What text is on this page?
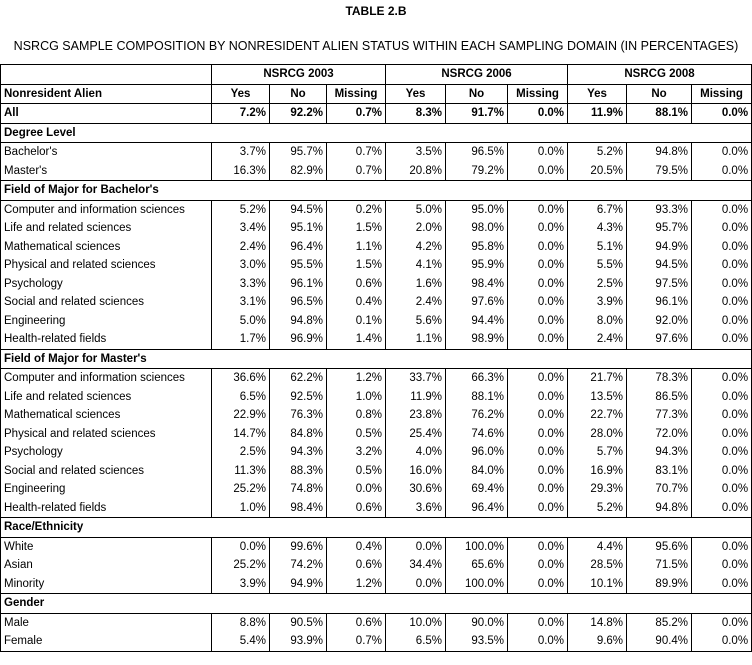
TABLE 2.B
NSRCG SAMPLE COMPOSITION BY NONRESIDENT ALIEN STATUS WITHIN EACH SAMPLING DOMAIN (IN PERCENTAGES)
	NSRCG 2003			NSRCG 2006			NSRCG 2008		
Nonresident Alien	Yes	No	Missing	Yes	No	Missing	Yes	No	Missing
All	7.2%	92.2%	0.7%	8.3%	91.7%	0.0%	11.9%	88.1%	0.0%
Degree Level									
Bachelor's	3.7%	95.7%	0.7%	3.5%	96.5%	0.0%	5.2%	94.8%	0.0%
Master's	16.3%	82.9%	0.7%	20.8%	79.2%	0.0%	20.5%	79.5%	0.0%
Field of Major for Bachelor's									
Computer and information sciences	5.2%	94.5%	0.2%	5.0%	95.0%	0.0%	6.7%	93.3%	0.0%
Life and related sciences	3.4%	95.1%	1.5%	2.0%	98.0%	0.0%	4.3%	95.7%	0.0%
Mathematical sciences	2.4%	96.4%	1.1%	4.2%	95.8%	0.0%	5.1%	94.9%	0.0%
Physical and related sciences	3.0%	95.5%	1.5%	4.1%	95.9%	0.0%	5.5%	94.5%	0.0%
Psychology	3.3%	96.1%	0.6%	1.6%	98.4%	0.0%	2.5%	97.5%	0.0%
Social and related sciences	3.1%	96.5%	0.4%	2.4%	97.6%	0.0%	3.9%	96.1%	0.0%
Engineering	5.0%	94.8%	0.1%	5.6%	94.4%	0.0%	8.0%	92.0%	0.0%
Health-related fields	1.7%	96.9%	1.4%	1.1%	98.9%	0.0%	2.4%	97.6%	0.0%
Field of Major for Master's									
Computer and information sciences	36.6%	62.2%	1.2%	33.7%	66.3%	0.0%	21.7%	78.3%	0.0%
Life and related sciences	6.5%	92.5%	1.0%	11.9%	88.1%	0.0%	13.5%	86.5%	0.0%
Mathematical sciences	22.9%	76.3%	0.8%	23.8%	76.2%	0.0%	22.7%	77.3%	0.0%
Physical and related sciences	14.7%	84.8%	0.5%	25.4%	74.6%	0.0%	28.0%	72.0%	0.0%
Psychology	2.5%	94.3%	3.2%	4.0%	96.0%	0.0%	5.7%	94.3%	0.0%
Social and related sciences	11.3%	88.3%	0.5%	16.0%	84.0%	0.0%	16.9%	83.1%	0.0%
Engineering	25.2%	74.8%	0.0%	30.6%	69.4%	0.0%	29.3%	70.7%	0.0%
Health-related fields	1.0%	98.4%	0.6%	3.6%	96.4%	0.0%	5.2%	94.8%	0.0%
Race/Ethnicity									
White	0.0%	99.6%	0.4%	0.0%	100.0%	0.0%	4.4%	95.6%	0.0%
Asian	25.2%	74.2%	0.6%	34.4%	65.6%	0.0%	28.5%	71.5%	0.0%
Minority	3.9%	94.9%	1.2%	0.0%	100.0%	0.0%	10.1%	89.9%	0.0%
Gender									
Male	8.8%	90.5%	0.6%	10.0%	90.0%	0.0%	14.8%	85.2%	0.0%
Female	5.4%	93.9%	0.7%	6.5%	93.5%	0.0%	9.6%	90.4%	0.0%
